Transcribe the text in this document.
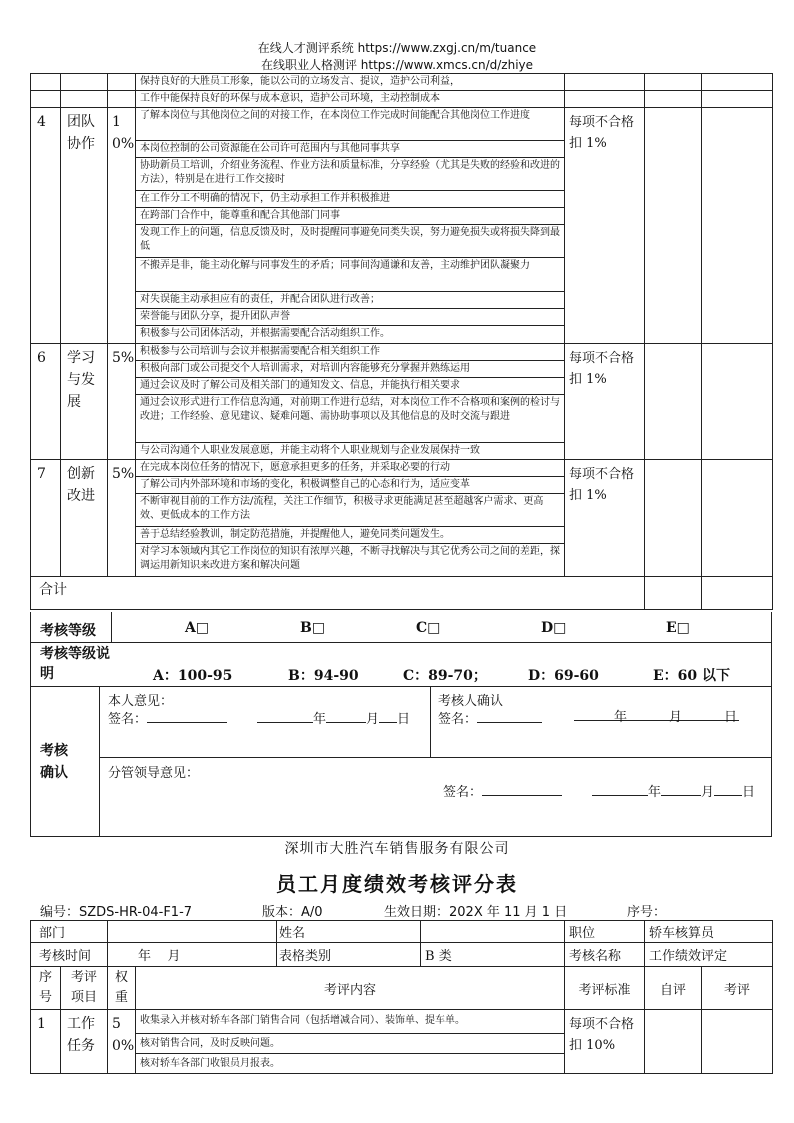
在线人才测评系统 https://www.zxgj.cn/m/tuance
在线职业人格测评 https://www.xmcs.cn/d/zhiye
			保持良好的大胜员工形象，能以公司的立场发言、提议，造护公司利益，			
			工作中能保持良好的环保与成本意识，造护公司环境，主动控制成本			
4	团队协作	10%	了解本岗位与其他岗位之间的对接工作，在本岗位工作完成时间能配合其他岗位工作进度	每项不合格扣 1%		
			本岗位控制的公司资源能在公司许可范围内与其他同事共享			
			协助新员工培训，介绍业务流程、作业方法和质量标准，分享经验（尤其是失败的经验和改进的方法），特别是在进行工作交接时			
			在工作分工不明确的情况下，仍主动承担工作并积极推进			
			在跨部门合作中，能尊重和配合其他部门同事			
			发现工作上的问题，信息反馈及时，及时提醒同事避免同类失误，努力避免损失或将损失降到最低			
			不搬弄是非，能主动化解与同事发生的矛盾；同事间沟通谦和友善，主动维护团队凝聚力			
			对失误能主动承担应有的责任，并配合团队进行改善；			
			荣誉能与团队分享，提升团队声誉			
			积极参与公司团体活动，并根据需要配合活动组织工作。			
6	学习与发展	5%	积极参与公司培训与会议并根据需要配合相关组织工作	每项不合格扣 1%		
			积极向部门或公司提交个人培训需求，对培训内容能够充分掌握并熟练运用			
			通过会议及时了解公司及相关部门的通知发文、信息，并能执行相关要求			
			通过会议形式进行工作信息沟通，对前期工作进行总结，对本岗位工作不合格项和案例的检讨与改进；工作经验、意见建议、疑难问题、需协助事项以及其他信息的及时交流与跟进			
			与公司沟通个人职业发展意愿，并能主动将个人职业规划与企业发展保持一致			
7	创新改进	5%	在完成本岗位任务的情况下，愿意承担更多的任务，并采取必要的行动	每项不合格扣 1%		
			了解公司内外部环境和市场的变化，积极调整自己的心态和行为，适应变革			
			不断审视目前的工作方法/流程，关注工作细节，积极寻求更能满足甚至超越客户需求、更高效、更低成本的工作方法			
			善于总结经验教训，制定防范措施，并提醒他人，避免同类问题发生。			
			对学习本领域内其它工作岗位的知识有浓厚兴趣，不断寻找解决与其它优秀公司之间的差距，探调运用新知识来改进方案和解决问题			
合计						
考核等级	A□	B□	C□	D□	E□
考核等级说明	A：100-95	B：94-90	C：89-70；	D：69-60	E：60 以下
考核确认
本人意见：
签名：	年	月 日
考核人确认
签名：	年	月	日
分管领导意见：
签名：	年	月 日
深圳市大胜汽车销售服务有限公司
员工月度绩效考核评分表
编号：SZDS-HR-04-F1-7	版本：A/0	生效日期：202X 年 11 月 1 日	序号：
部门				姓名		职位	轿车核算员	
考核时间		年    月		表格类别	B 类	考核名称	工作绩效评定	
序号	考评项目	权重	考评内容			考评标准	自评	考评
1	工作任务	50%	收集录入并核对轿车各部门销售合同（包括增减合同）、装饰单、提车单。			每项不合格扣 10%		
			核对销售合同，及时反映问题。					
			核对轿车各部门收银员月报表。					
